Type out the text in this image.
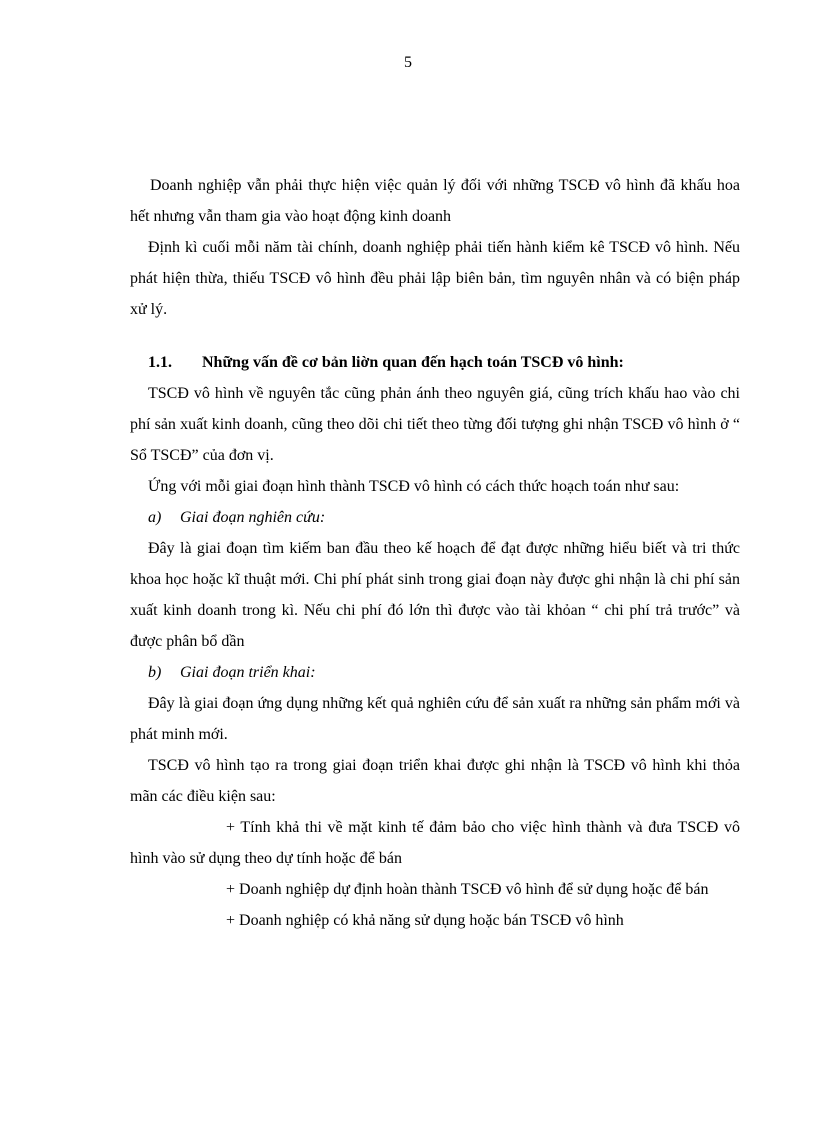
5

Doanh nghiệp vẫn phải thực hiện việc quản lý đối với những TSCĐ vô hình đã khấu hoa hết nhưng vẫn tham gia vào hoạt động kinh doanh

Định kì cuối mỗi năm tài chính, doanh nghiệp phải tiến hành kiểm kê TSCĐ vô hình. Nếu phát hiện thừa, thiếu TSCĐ vô hình đều phải lập biên bản, tìm nguyên nhân và có biện pháp xử lý.

1.1. Những vấn đề cơ bản liờn quan đến hạch toán TSCĐ vô hình:

TSCĐ vô hình về nguyên tắc cũng phản ánh theo nguyên giá, cũng trích khấu hao vào chi phí sản xuất kinh doanh, cũng theo dõi chi tiết theo từng đối tượng ghi nhận TSCĐ vô hình ở “ Sổ TSCĐ” của đơn vị.

Ứng với mỗi giai đoạn hình thành TSCĐ vô hình có cách thức hoạch toán như sau:

a) Giai đoạn nghiên cứu:

Đây là giai đoạn tìm kiếm ban đầu theo kế hoạch để đạt được những hiểu biết và tri thức khoa học hoặc kĩ thuật mới. Chi phí phát sinh trong giai đoạn này được ghi nhận là chi phí sản xuất kinh doanh trong kì. Nếu chi phí đó lớn thì được vào tài khỏan “ chi phí trả trước” và được phân bổ dần

b) Giai đoạn triển khai:

Đây là giai đoạn ứng dụng những kết quả nghiên cứu để sản xuất ra những sản phẩm mới và phát minh mới.

TSCĐ vô hình tạo ra trong giai đoạn triển khai được ghi nhận là TSCĐ vô hình khi thỏa mãn các điều kiện sau:

+ Tính khả thi về mặt kinh tế đảm bảo cho việc hình thành và đưa TSCĐ vô hình vào sử dụng theo dự tính hoặc để bán

+ Doanh nghiệp dự định hoàn thành TSCĐ vô hình để sử dụng hoặc để bán

+ Doanh nghiệp có khả năng sử dụng hoặc bán TSCĐ vô hình
